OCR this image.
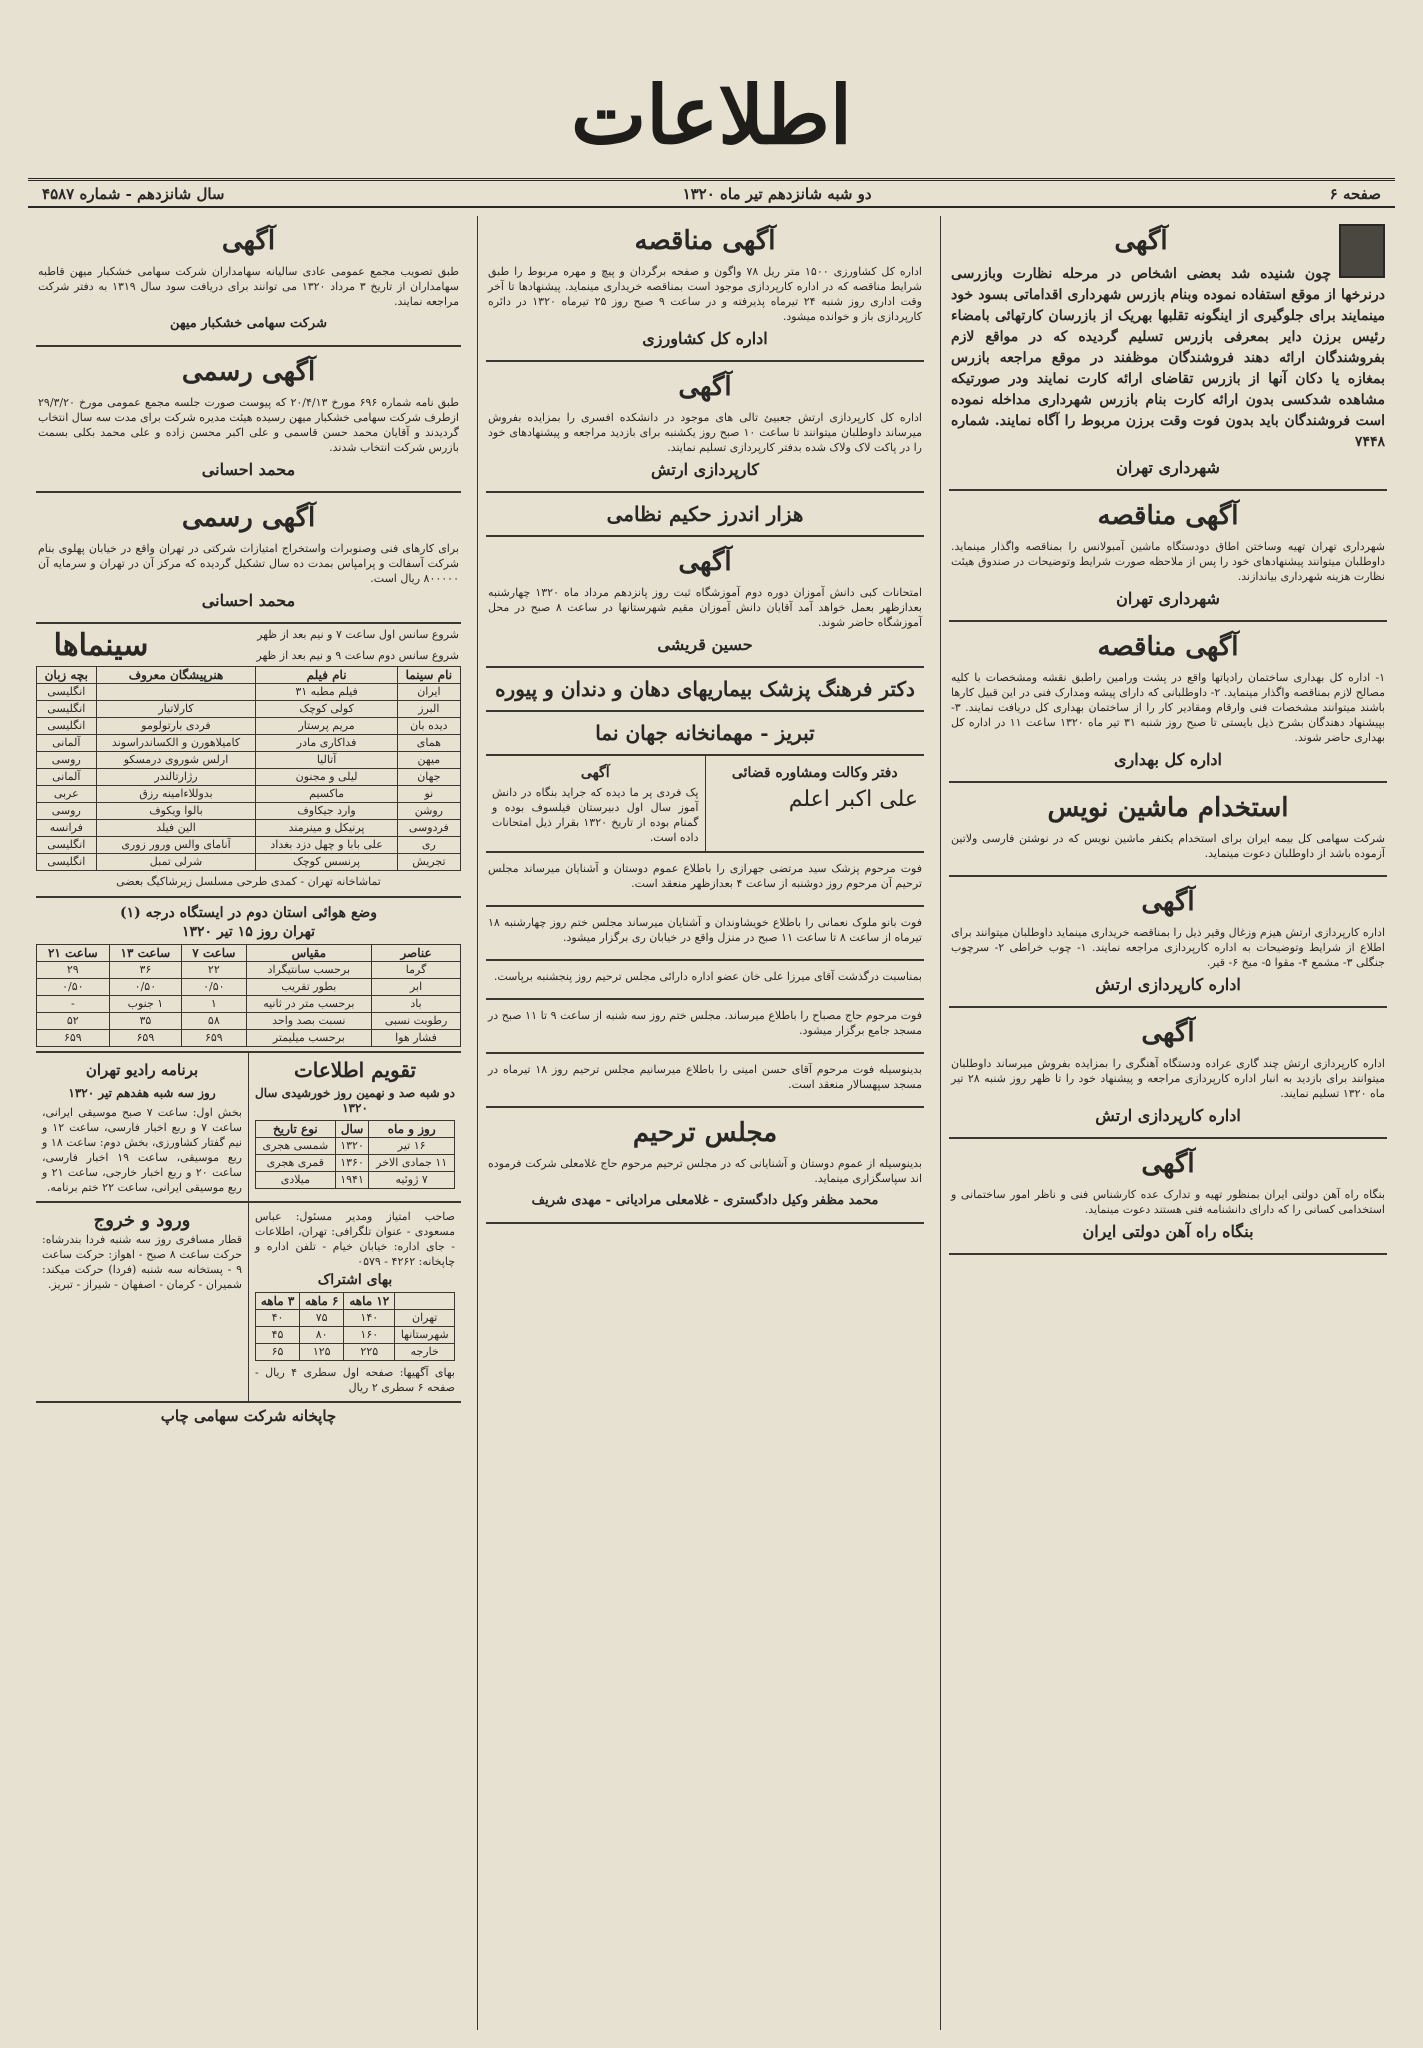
اطلاعات
صفحه ۶
دو شبه شانزدهم تیر ماه ۱۳۲۰
سال شانزدهم - شماره ۴۵۸۷
آگهی

چون شنیده شد بعضی اشخاص در مرحله نظارت وبازرسی درنرخها از موقع استفاده نموده وبنام بازرس شهرداری اقداماتی بسود خود مینمایند برای جلوگیری از اینگونه تقلبها بهریک از بازرسان کارتهائی بامضاء رئیس برزن دایر بمعرفی بازرس تسلیم گردیده که در مواقع لازم بفروشندگان ارائه دهند فروشندگان موظفند در موقع مراجعه بازرس بمغازه یا دکان آنها از بازرس تقاضای ارائه کارت نمایند ودر صورتیکه مشاهده شدکسی بدون ارائه کارت بنام بازرس شهرداری مداخله نموده است فروشندگان باید بدون فوت وقت برزن مربوط را آگاه نمایند. شماره ۷۴۴۸

شهرداری تهران
آگهی مناقصه

شهرداری تهران تهیه وساختن اطاق دودستگاه ماشین آمبولانس را بمناقصه واگذار مینماید. داوطلبان میتوانند پیشنهادهای خود را پس از ملاحظه صورت شرایط وتوضیحات در صندوق هیئت نظارت هزینه شهرداری بیاندازند.

شهرداری تهران
آگهی مناقصه

۱- اداره کل بهداری ساختمان رادیاتها واقع در پشت ورامین راطبق نقشه ومشخصات با کلیه مصالح لازم بمناقصه واگذار مینماید. ۲- داوطلبانی که دارای پیشه ومدارک فنی در این قبیل کارها باشند میتوانند مشخصات فنی وارقام ومقادیر کار را از ساختمان بهداری کل دریافت نمایند. ۳- بپیشنهاد دهندگان بشرح ذیل بایستی تا صبح روز شنبه ۳۱ تیر ماه ۱۳۲۰ ساعت ۱۱ در اداره کل بهداری حاضر شوند.

اداره کل بهداری
استخدام ماشین نویس

شرکت سهامی کل بیمه ایران برای استخدام یکنفر ماشین نویس که در نوشتن فارسی ولاتین آزموده باشد از داوطلبان دعوت مینماید.

آگهی

اداره کارپردازی ارتش هیزم وزغال وقیر ذیل را بمناقصه خریداری مینماید داوطلبان میتوانند برای اطلاع از شرایط وتوضیحات به اداره کارپردازی مراجعه نمایند. ۱- چوب خراطی ۲- سرچوب جنگلی ۳- مشمع ۴- مقوا ۵- میخ ۶- قیر.

اداره کارپردازی ارتش
آگهی

اداره کارپردازی ارتش چند گاری عراده ودستگاه آهنگری را بمزایده بفروش میرساند داوطلبان میتوانند برای بازدید به انبار اداره کارپردازی مراجعه و پیشنهاد خود را تا ظهر روز شنبه ۲۸ تیر ماه ۱۳۲۰ تسلیم نمایند.

اداره کارپردازی ارتش
آگهی

بنگاه راه آهن دولتی ایران بمنظور تهیه و تدارک عده کارشناس فنی و ناظر امور ساختمانی و استخدامی کسانی را که دارای دانشنامه فنی هستند دعوت مینماید.

بنگاه راه آهن دولتی ایران
آگهی مناقصه

اداره کل کشاورزی ۱۵۰۰ متر ریل ۷۸ واگون و صفحه برگردان و پیچ و مهره مربوط را طبق شرایط مناقصه که در اداره کارپردازی موجود است بمناقصه خریداری مینماید. پیشنهادها تا آخر وقت اداری روز شنبه ۲۴ تیرماه پذیرفته و در ساعت ۹ صبح روز ۲۵ تیرماه ۱۳۲۰ در دائره کارپردازی باز و خوانده میشود.

اداره کل کشاورزی
آگهی

اداره کل کارپردازی ارتش جعبیئ تالی های موجود در دانشکده افسری را بمزایده بفروش میرساند داوطلبان میتوانند تا ساعت ۱۰ صبح روز یکشنبه برای بازدید مراجعه و پیشنهادهای خود را در پاکت لاک ولاک شده بدفتر کارپردازی تسلیم نمایند.

کارپردازی ارتش
هزار اندرز حکیم نظامی
آگهی

امتحانات کبی دانش آموزان دوره دوم آموزشگاه ثبت روز پانزدهم مرداد ماه ۱۳۲۰ چهارشنبه بعدازظهر بعمل خواهد آمد آقایان دانش آموزان مقیم شهرستانها در ساعت ۸ صبح در محل آموزشگاه حاضر شوند.

حسین قریشی
دکتر فرهنگ پزشک بیماریهای دهان و دندان و پیوره
تبریز - مهمانخانه جهان نما
دفتر وکالت ومشاوره قضائی
علی اکبر اعلم
آگهی

پک فردی پر ما دیده که جراید بنگاه در دانش آموز سال اول دبیرستان فیلسوف بوده و گمنام بوده از تاریخ ۱۳۲۰ بقرار ذیل امتحانات داده است.

فوت مرحوم پزشک سید مرتضی جهرازی را باطلاع عموم دوستان و آشنایان میرساند مجلس ترحیم آن مرحوم روز دوشنبه از ساعت ۴ بعدازظهر منعقد است.

فوت بانو ملوک نعمانی را باطلاع خویشاوندان و آشنایان میرساند مجلس ختم روز چهارشنبه ۱۸ تیرماه از ساعت ۸ تا ساعت ۱۱ صبح در منزل واقع در خیابان ری برگزار میشود.

بمناسبت درگذشت آقای میرزا علی خان عضو اداره دارائی مجلس ترحیم روز پنجشنبه برپاست.

فوت مرحوم حاج مصباح را باطلاع میرساند. مجلس ختم روز سه شنبه از ساعت ۹ تا ۱۱ صبح در مسجد جامع برگزار میشود.

بدینوسیله فوت مرحوم آقای حسن امینی را باطلاع میرسانیم مجلس ترحیم روز ۱۸ تیرماه در مسجد سپهسالار منعقد است.

مجلس ترحیم

بدینوسیله از عموم دوستان و آشنایانی که در مجلس ترحیم مرحوم حاج غلامعلی شرکت فرموده اند سپاسگزاری مینماید.

محمد مظفر وکیل دادگستری - غلامعلی مرادیانی - مهدی شریف
آگهی

طبق تصویب مجمع عمومی عادی سالیانه سهامداران شرکت سهامی خشکبار میهن قاطبه سهامداران از تاریخ ۳ مرداد ۱۳۲۰ می توانند برای دریافت سود سال ۱۳۱۹ به دفتر شرکت مراجعه نمایند.

شرکت سهامی خشکبار میهن
آگهی رسمی

طبق نامه شماره ۶۹۶ مورخ ۲۰/۴/۱۳ که پیوست صورت جلسه مجمع عمومی مورخ ۲۹/۳/۲۰ ازطرف شرکت سهامی خشکبار میهن رسیده هیئت مدیره شرکت برای مدت سه سال انتخاب گردیدند و آقایان محمد حسن قاسمی و علی اکبر محسن زاده و علی محمد بکلی بسمت بازرس شرکت انتخاب شدند.

محمد احسانی
آگهی رسمی

برای کارهای فنی وصنوبرات واستخراج امتیازات شرکتی در تهران واقع در خیابان پهلوی بنام شرکت آسفالت و پرامپاس بمدت ده سال تشکیل گردیده که مرکز آن در تهران و سرمایه آن ۸۰۰۰۰۰ ریال است.

محمد احسانی
شروع سانس اول ساعت ۷ و نیم بعد از ظهر
شروع سانس دوم ساعت ۹ و نیم بعد از ظهر
سینماها
نام سینما	نام فیلم	هنرپیشگان معروف	بچه زبان
ایران	فیلم مطبه ۳۱		انگلیسی
البرز	کولی کوچک	کارلاتیار	انگلیسی
دیده بان	مریم پرستار	فردی بارتولومو	انگلیسی
همای	فداکاری مادر	کامیلاهورن و الکساندراسوند	آلمانی
میهن	آتالیا	ارلس شوروی درمسکو	روسی
جهان	لیلی و مجنون	رژارتالندر	آلمانی
نو	ماکسیم	بدوللاءامینه رزق	عربی
روشن	وارد جیکاوف	بالوا ویکوف	روسی
فردوسی	پرنیکل و مینرمند	الین فیلد	فرانسه
ری	علی بابا و چهل دزد بغداد	آنامای والس ورور زوری	انگلیسی
تجریش	پرنسس کوچک	شرلی تمبل	انگلیسی
تماشاخانه تهران - کمدی طرحی مسلسل زیرشاکیگ بعضی
وضع هوائی استان دوم در ایستگاه درجه (۱)
تهران روز ۱۵ تیر ۱۳۲۰
عناصر	مقیاس	ساعت ۷	ساعت ۱۳	ساعت ۲۱
گرما	برحسب سانتیگراد	۲۲	۳۶	۲۹
ابر	بطور تقریب	۰/۵۰	۰/۵۰	۰/۵۰
باد	برحسب متر در ثانیه	۱	۱ جنوب	-
رطوبت نسبی	نسبت بصد واحد	۵۸	۳۵	۵۲
فشار هوا	برحسب میلیمتر	۶۵۹	۶۵۹	۶۵۹
تقویم اطلاعات
دو شبه صد و نهمین روز خورشیدی سال ۱۳۲۰
روز و ماه	سال	نوع تاریخ
۱۶ تیر	۱۳۲۰	شمسی هجری
۱۱ جمادی الاخر	۱۳۶۰	قمری هجری
۷ ژوئیه	۱۹۴۱	میلادی
برنامه رادیو تهران
روز سه شبه هفدهم تیر ۱۳۲۰

بخش اول: ساعت ۷ صبح موسیقی ایرانی، ساعت ۷ و ربع اخبار فارسی، ساعت ۱۲ و نیم گفتار کشاورزی، بخش دوم: ساعت ۱۸ و ربع موسیقی، ساعت ۱۹ اخبار فارسی، ساعت ۲۰ و ربع اخبار خارجی، ساعت ۲۱ و ربع موسیقی ایرانی، ساعت ۲۲ ختم برنامه.

صاحب امتیاز ومدیر مسئول: عباس مسعودی - عنوان تلگرافی: تهران، اطلاعات - جای اداره: خیابان خیام - تلفن اداره و چاپخانه: ۴۲۶۲ - ۰۵۷۹

بهای اشتراک
	۱۲ ماهه	۶ ماهه	۳ ماهه
تهران	۱۴۰	۷۵	۴۰
شهرستانها	۱۶۰	۸۰	۴۵
خارجه	۲۲۵	۱۲۵	۶۵

بهای آگهیها: صفحه اول سطری ۴ ریال - صفحه ۶ سطری ۲ ریال

ورود و خروج

قطار مسافری روز سه شنبه فردا بندرشاه: حرکت ساعت ۸ صبح - اهواز: حرکت ساعت ۹ - پستخانه سه شنبه (فردا) حرکت میکند: شمیران - کرمان - اصفهان - شیراز - تبریز.

چاپخانه شرکت سهامی چاپ
